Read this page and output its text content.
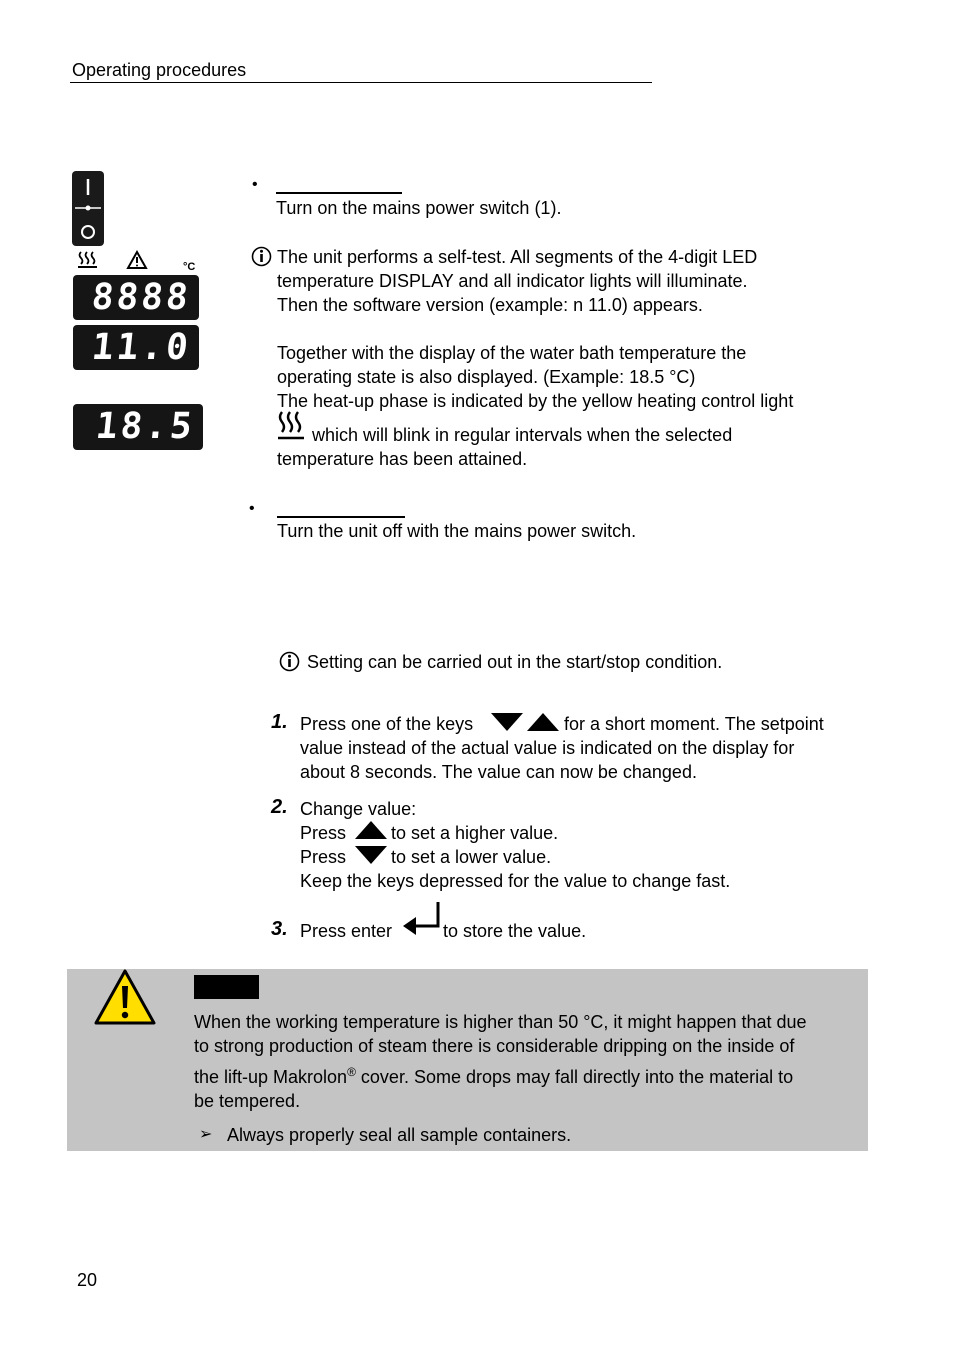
Operating procedures
°C
8888
11.0
18.5
•
Turn on the mains power switch (1).
The unit performs a self-test. All segments of the 4-digit LED
temperature DISPLAY and all indicator lights will illuminate.
Then the software version (example: n 11.0) appears.
Together with the display of the water bath temperature the
operating state is also displayed. (Example: 18.5 °C)
The heat-up phase is indicated by the yellow heating control light
which will blink in regular intervals when the selected
temperature has been attained.
•
Turn the unit off with the mains power switch.
Setting can be carried out in the start/stop condition.
1. Press one of the keys	for a short moment. The setpoint
value instead of the actual value is indicated on the display for
about 8 seconds. The value can now be changed.
2. Change value:
Press to set a higher value.
Press to set a lower value.
Keep the keys depressed for the value to change fast.
3. Press enter	to store the value.
When the working temperature is higher than 50 °C, it might happen that due
to strong production of steam there is considerable dripping on the inside of
the lift-up Makrolon® cover. Some drops may fall directly into the material to
be tempered.
➢ Always properly seal all sample containers.
20
